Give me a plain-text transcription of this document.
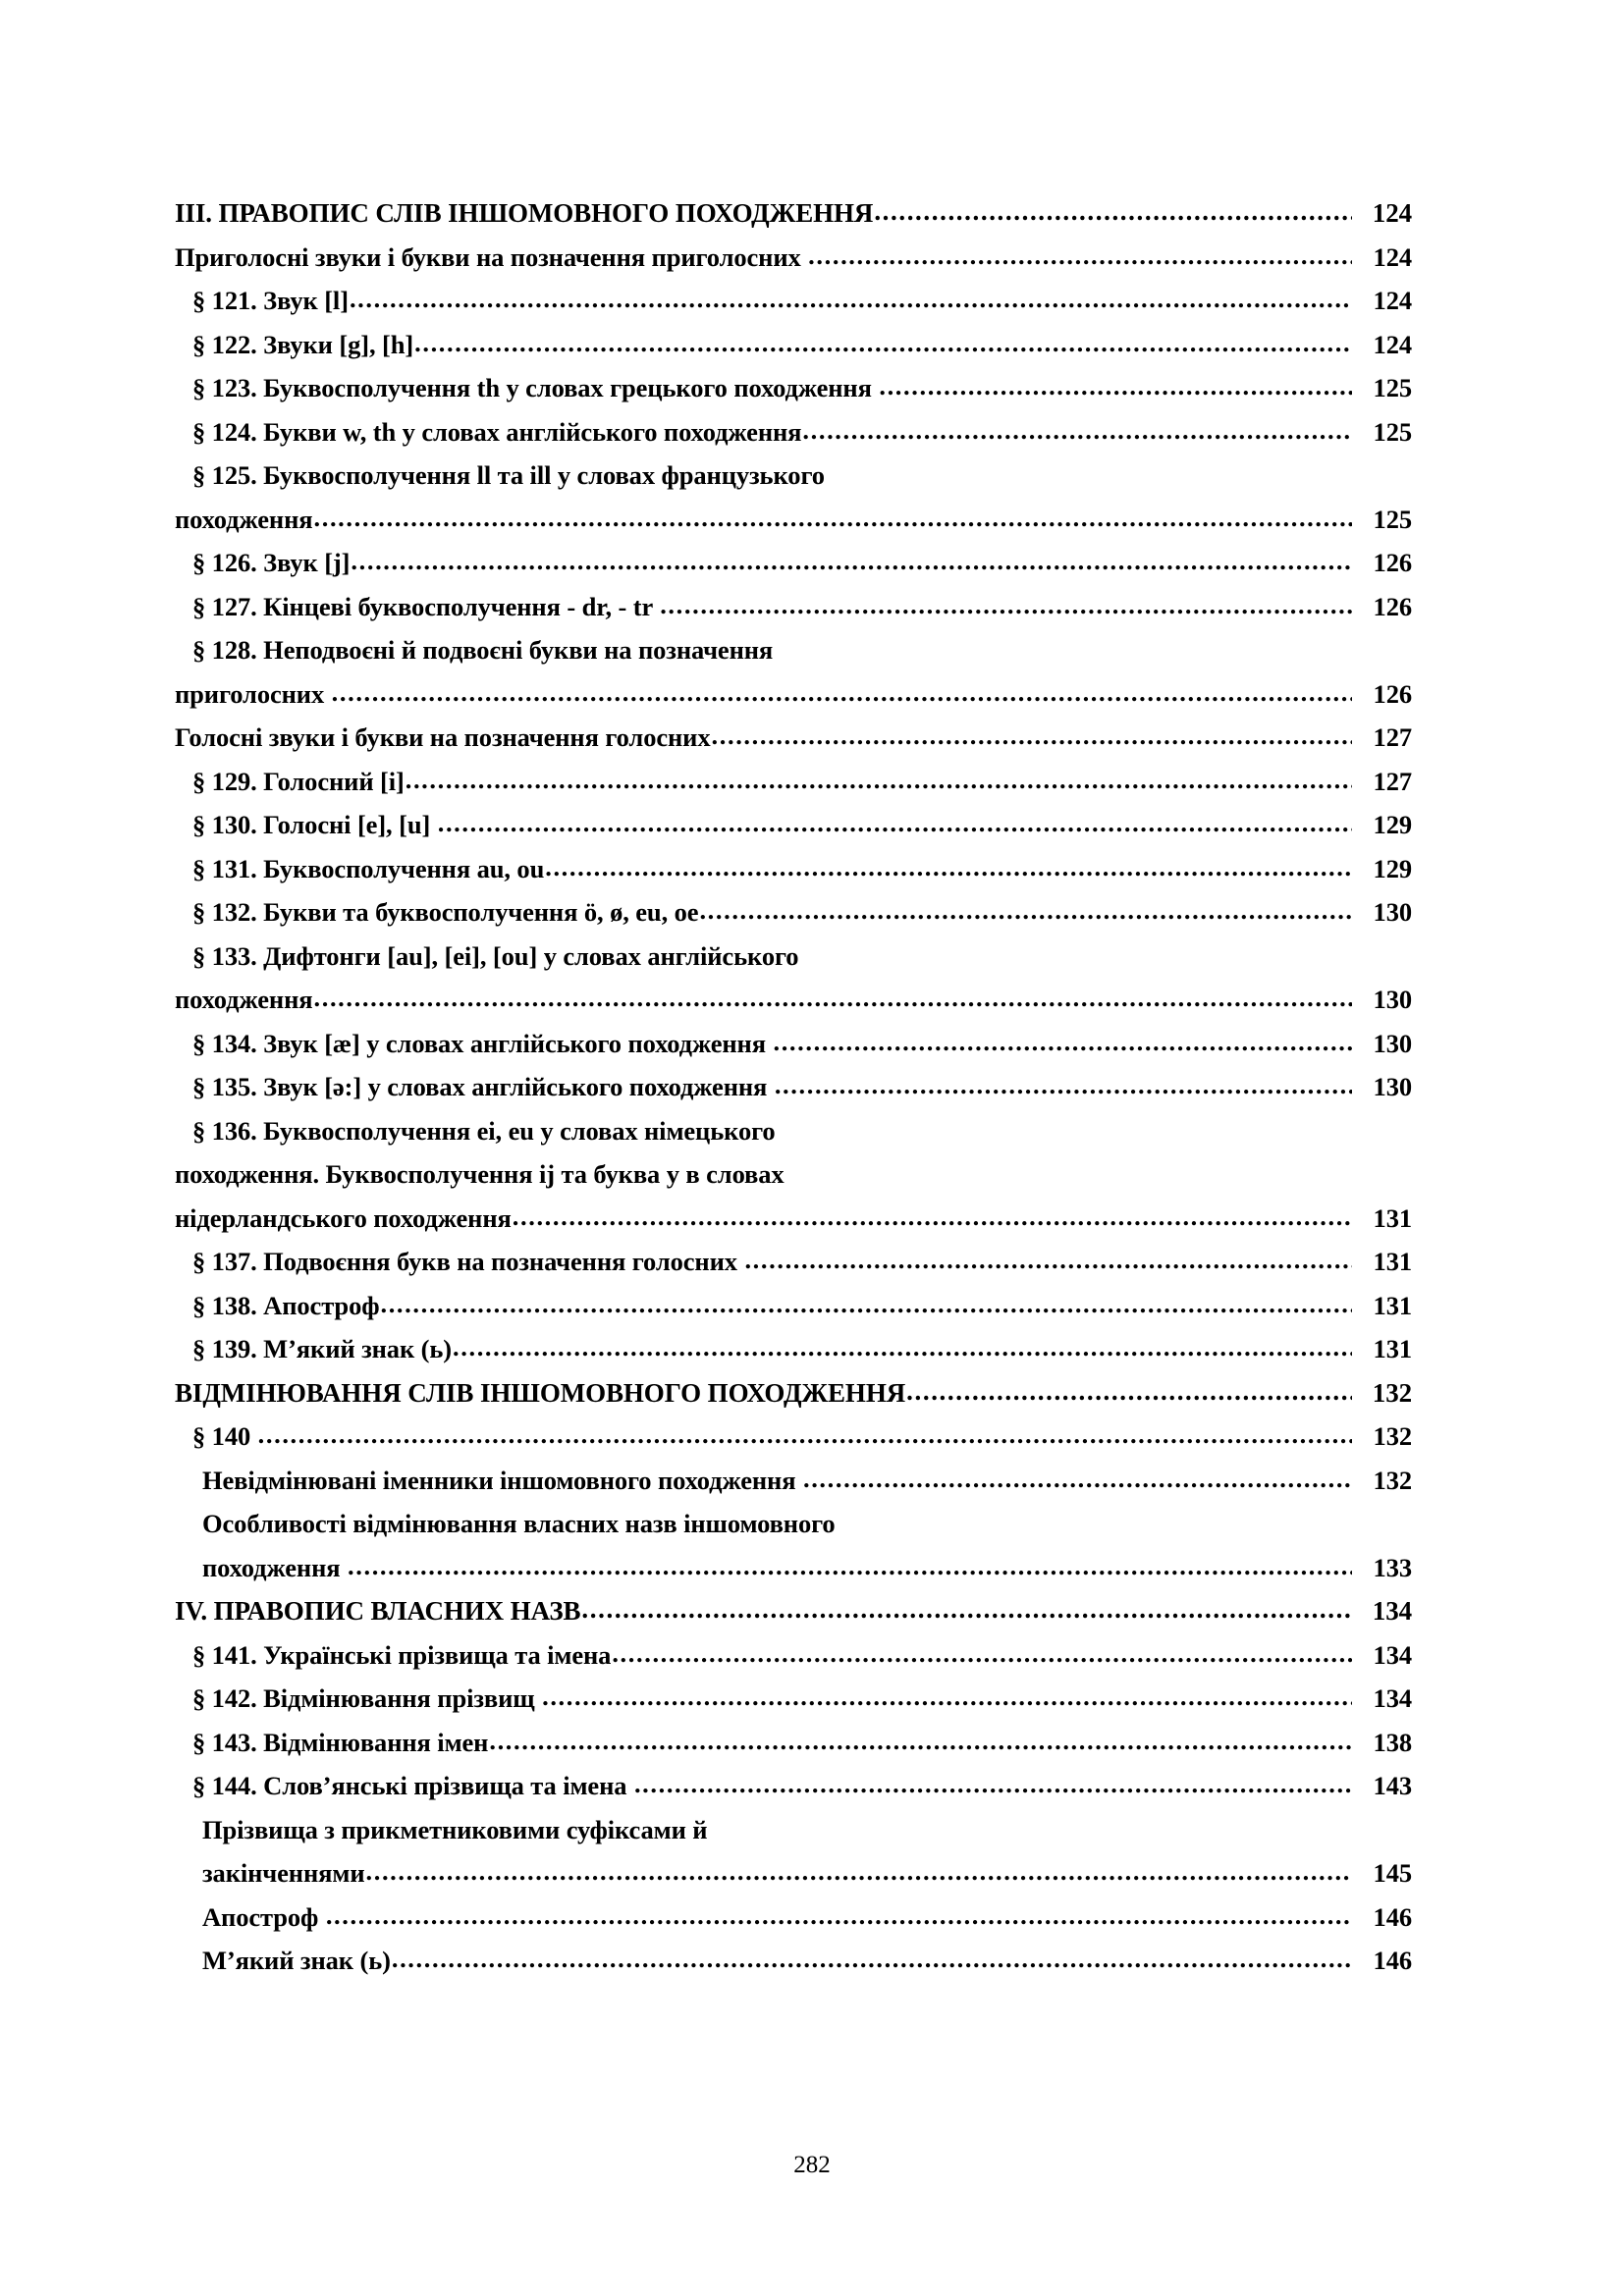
III. ПРАВОПИС СЛІВ ІНШОМОВНОГО ПОХОДЖЕННЯ .....	124
Приголосні звуки і букви на позначення приголосних .....	124
§ 121. Звук [l] .....	124
§ 122. Звуки [g], [h] .....	124
§ 123. Буквосполучення th у словах грецького походження .....	125
§ 124. Букви w, th у словах англійського походження .....	125
§ 125. Буквосполучення ll та ill у словах французького
походження .....	125
§ 126. Звук [j] .....	126
§ 127. Кінцеві буквосполучення - dr, - tr .....	126
§ 128. Неподвоєні й подвоєні букви на позначення
приголосних .....	126
Голосні звуки і букви на позначення голосних .....	127
§ 129. Голосний [i] .....	127
§ 130. Голосні [e], [u] .....	129
§ 131. Буквосполучення au, ou .....	129
§ 132. Букви та буквосполучення ö, ø, eu, oe .....	130
§ 133. Дифтонги [au], [ei], [ou] у словах англійського
походження .....	130
§ 134. Звук [æ] у словах англійського походження .....	130
§ 135. Звук [ə:] у словах англійського походження .....	130
§ 136. Буквосполучення ei, eu у словах німецького
походження. Буквосполучення ij та буква y в словах
нідерландського походження .....	131
§ 137. Подвоєння букв на позначення голосних .....	131
§ 138. Апостроф .....	131
§ 139. М’який знак (ь) .....	131
ВІДМІНЮВАННЯ СЛІВ ІНШОМОВНОГО ПОХОДЖЕННЯ .....	132
§ 140 .....	132
Невідмінювані іменники іншомовного походження .....	132
Особливості відмінювання власних назв іншомовного
походження .....	133
IV. ПРАВОПИС ВЛАСНИХ НАЗВ .....	134
§ 141. Українські прізвища та імена .....	134
§ 142. Відмінювання прізвищ .....	134
§ 143. Відмінювання імен .....	138
§ 144. Слов’янські прізвища та імена .....	143
Прізвища з прикметниковими суфіксами й
закінченнями .....	145
Апостроф .....	146
М’який знак (ь) .....	146
282
